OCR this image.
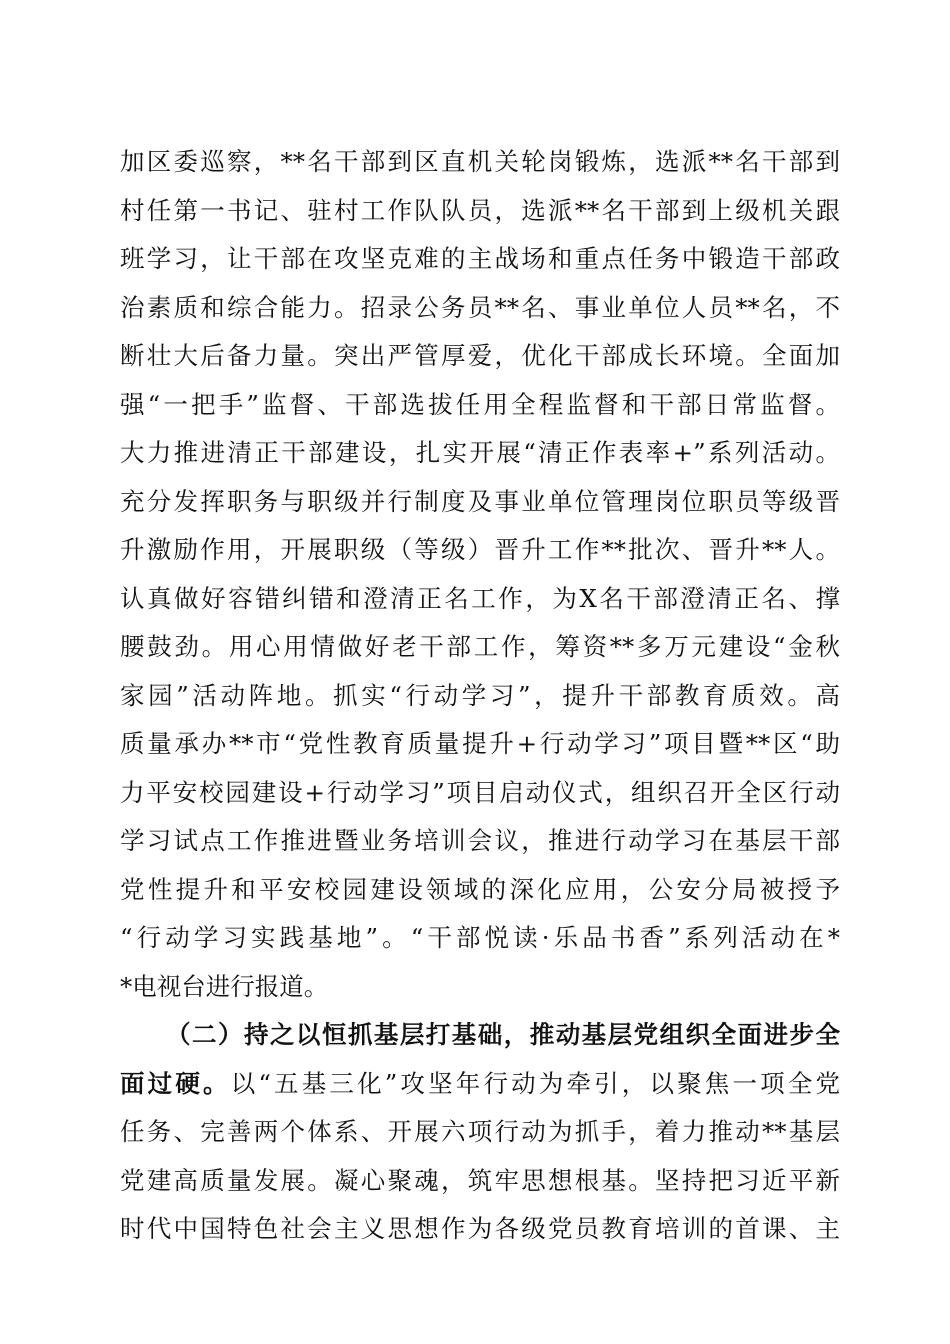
加区委巡察，**名干部到区直机关轮岗锻炼，选派**名干部到
村任第一书记、驻村工作队队员，选派**名干部到上级机关跟
班学习，让干部在攻坚克难的主战场和重点任务中锻造干部政
治素质和综合能力。招录公务员**名、事业单位人员**名，不
断壮大后备力量。突出严管厚爱，优化干部成长环境。全面加
强“一把手”监督、干部选拔任用全程监督和干部日常监督。
大力推进清正干部建设，扎实开展“清正作表率+”系列活动。
充分发挥职务与职级并行制度及事业单位管理岗位职员等级晋
升激励作用，开展职级（等级）晋升工作**批次、晋升**人。
认真做好容错纠错和澄清正名工作，为X名干部澄清正名、撑
腰鼓劲。用心用情做好老干部工作，筹资**多万元建设“金秋
家园”活动阵地。抓实“行动学习”，提升干部教育质效。高
质量承办**市“党性教育质量提升+行动学习”项目暨**区“助
力平安校园建设+行动学习”项目启动仪式，组织召开全区行动
学习试点工作推进暨业务培训会议，推进行动学习在基层干部
党性提升和平安校园建设领域的深化应用，公安分局被授予
“行动学习实践基地”。“干部悦读·乐品书香”系列活动在*
*电视台进行报道。
（二）持之以恒抓基层打基础，推动基层党组织全面进步全
面过硬。以“五基三化”攻坚年行动为牵引，以聚焦一项全党
任务、完善两个体系、开展六项行动为抓手，着力推动**基层
党建高质量发展。凝心聚魂，筑牢思想根基。坚持把习近平新
时代中国特色社会主义思想作为各级党员教育培训的首课、主
